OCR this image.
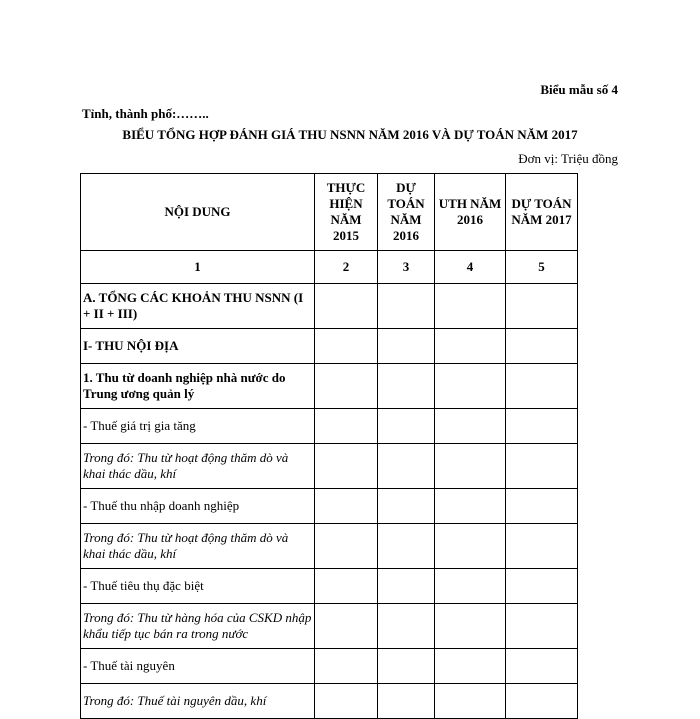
Biểu mẫu số 4
Tỉnh, thành phố:……..
BIỂU TỔNG HỢP ĐÁNH GIÁ THU NSNN NĂM 2016 VÀ DỰ TOÁN NĂM 2017
Đơn vị: Triệu đồng
NỘI DUNG	THỰC HIỆN NĂM 2015	DỰ TOÁN NĂM 2016	UTH NĂM 2016	DỰ TOÁN NĂM 2017
1	2	3	4	5
A. TỔNG CÁC KHOẢN THU NSNN (I + II + III)				
I- THU NỘI ĐỊA				
1. Thu từ doanh nghiệp nhà nước do Trung ương quản lý				
- Thuế giá trị gia tăng				
Trong đó: Thu từ hoạt động thăm dò và khai thác dầu, khí				
- Thuế thu nhập doanh nghiệp				
Trong đó: Thu từ hoạt động thăm dò và khai thác dầu, khí				
- Thuế tiêu thụ đặc biệt				
Trong đó: Thu từ hàng hóa của CSKD nhập khẩu tiếp tục bán ra trong nước				
- Thuế tài nguyên				
Trong đó: Thuế tài nguyên dầu, khí				
